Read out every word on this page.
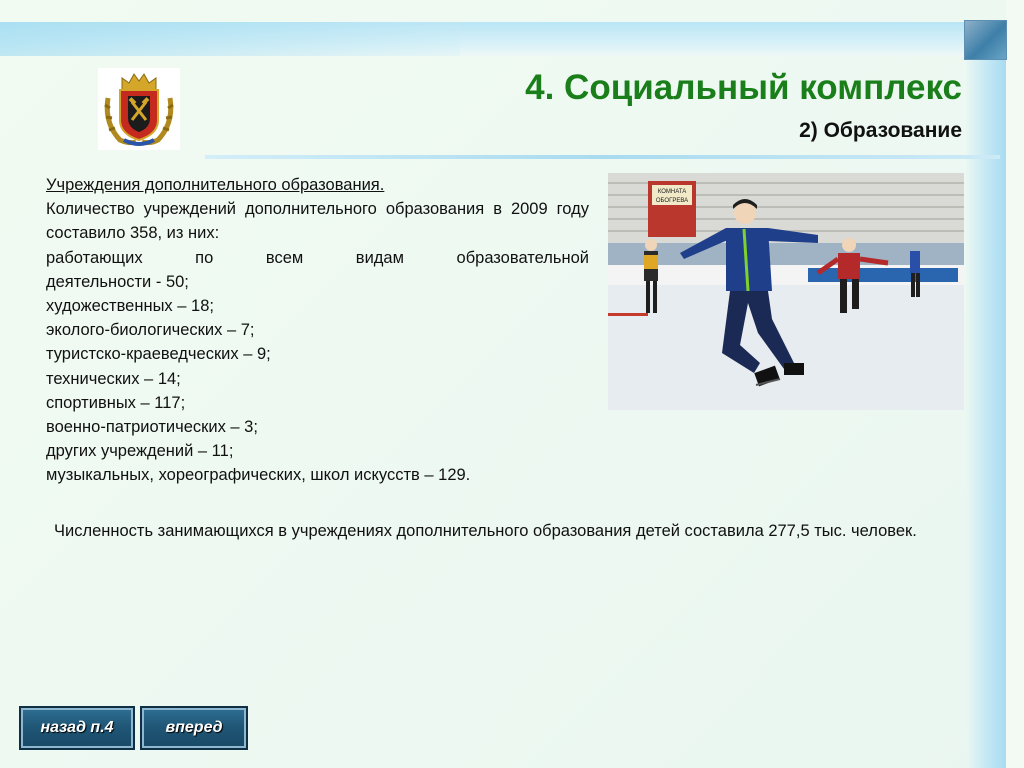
4. Социальный комплекс
2) Образование

Учреждения дополнительного образования.

Количество учреждений дополнительного образования в 2009 году составило 358, из них:

работающих по всем видам образовательной

деятельности - 50;

художественных – 18;

эколого-биологических – 7;

туристско-краеведческих – 9;

технических – 14;

спортивных – 117;

военно-патриотических – 3;

других учреждений – 11;

музыкальных, хореографических, школ искусств – 129.

КОМНАТА
ОБОГРЕВА

Численность занимающихся в учреждениях дополнительного образования детей составила 277,5 тыс. человек.

назад п.4	вперед
